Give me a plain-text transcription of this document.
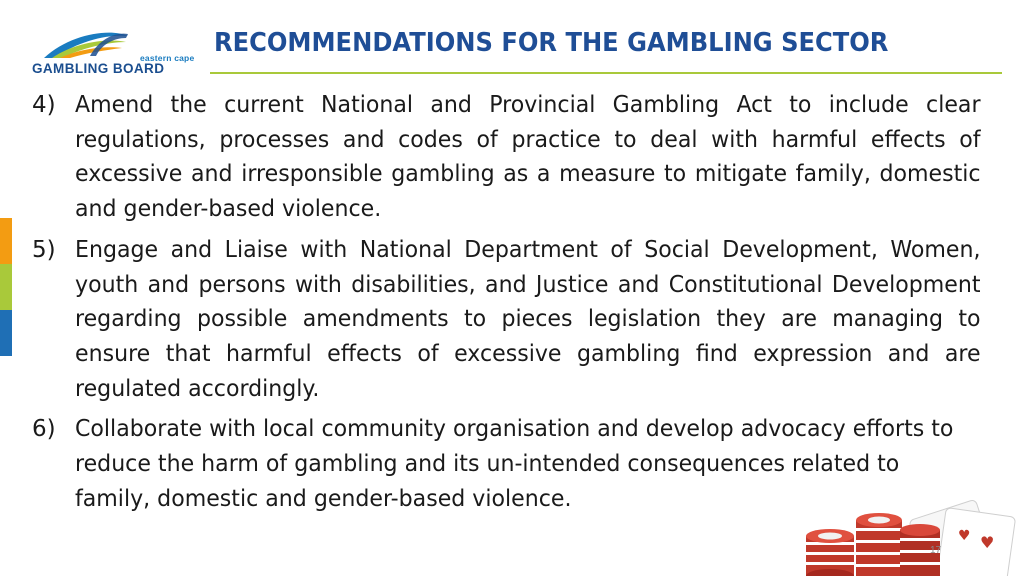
eastern cape
GAMBLING BOARD
RECOMMENDATIONS FOR THE GAMBLING SECTOR
4) Amend the current National and Provincial Gambling Act to include clear regulations, processes and codes of practice to deal with harmful effects of excessive and irresponsible gambling as a measure to mitigate family, domestic and gender-based violence.
5) Engage and Liaise with National Department of Social Development, Women, youth and persons with disabilities, and Justice and Constitutional Development regarding possible amendments to pieces legislation they are managing to ensure that harmful effects of excessive gambling find expression and are regulated accordingly.
6) Collaborate with local community organisation and develop advocacy efforts to reduce the harm of gambling and its un-intended consequences related to family, domestic and gender-based violence.
♥ ♥
17
